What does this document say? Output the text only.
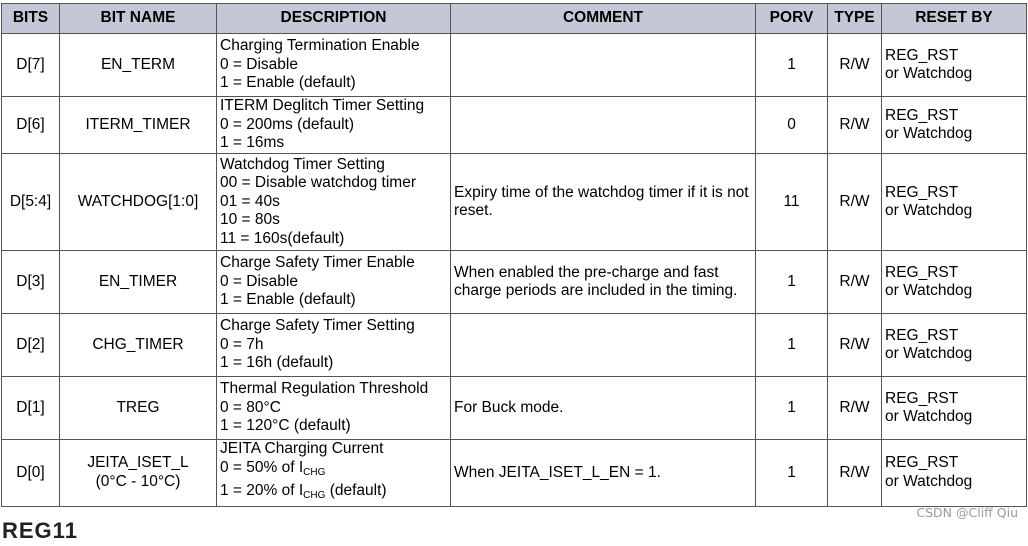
BITS	BIT NAME	DESCRIPTION	COMMENT	PORV	TYPE	RESET BY
D[7]	EN_TERM	Charging Termination Enable
0 = Disable
1 = Enable (default)		1	R/W	REG_RST
or Watchdog

D[6]	ITERM_TIMER	ITERM Deglitch Timer Setting
0 = 200ms (default)
1 = 16ms		0	R/W	REG_RST
or Watchdog

D[5:4]	WATCHDOG[1:0]	Watchdog Timer Setting
00 = Disable watchdog timer
01 = 40s
10 = 80s
11 = 160s(default)	Expiry time of the watchdog timer if it is not reset.	11	R/W	REG_RST
or Watchdog

D[3]	EN_TIMER	Charge Safety Timer Enable
0 = Disable
1 = Enable (default)	When enabled the pre-charge and fast charge periods are included in the timing.	1	R/W	REG_RST
or Watchdog

D[2]	CHG_TIMER	Charge Safety Timer Setting
0 = 7h
1 = 16h (default)		1	R/W	REG_RST
or Watchdog

D[1]	TREG	Thermal Regulation Threshold
0 = 80°C
1 = 120°C (default)	For Buck mode.	1	R/W	REG_RST
or Watchdog

D[0]	JEITA_ISET_L
(0°C - 10°C)	JEITA Charging Current
0 = 50% of $I_{CHG}$
1 = 20% of $I_{CHG}$ (default)	When JEITA_ISET_L_EN = 1.	1	R/W	REG_RST
or Watchdog
REG11
CSDN @Cliff Qiu
